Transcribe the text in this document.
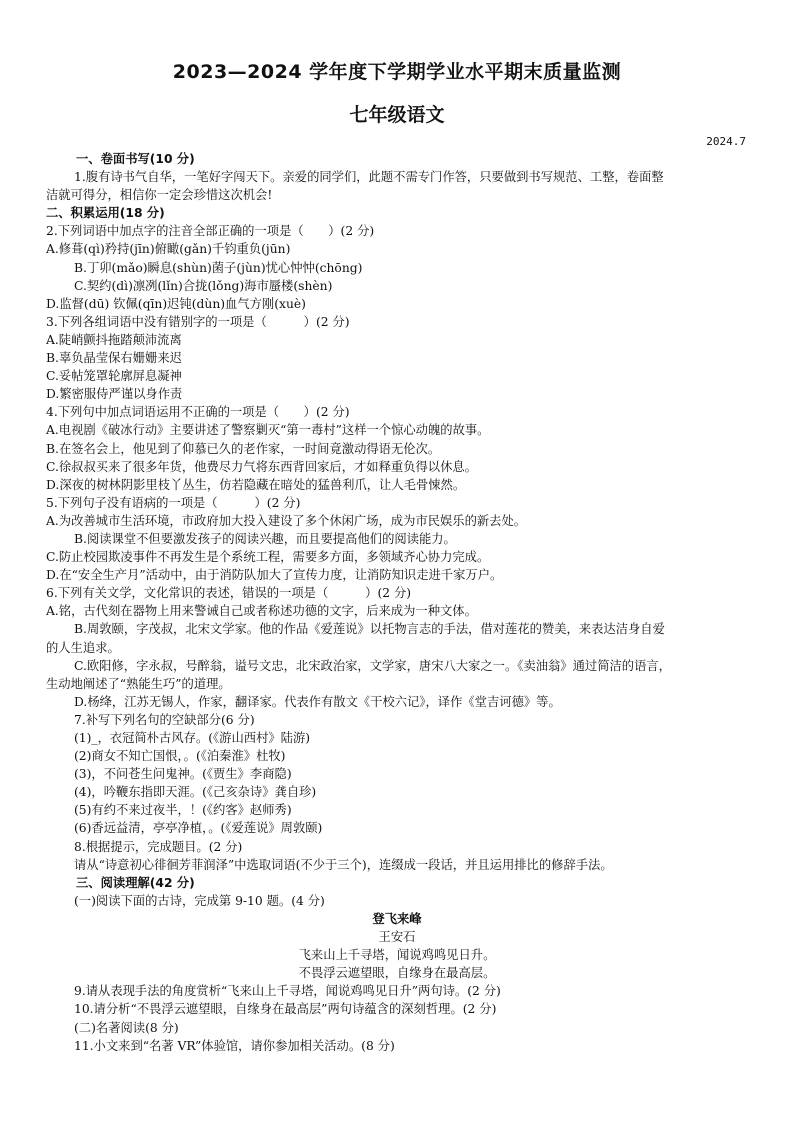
2023—2024 学年度下学期学业水平期末质量监测
七年级语文
2024.7
一、卷面书写(10 分)
1.腹有诗书气自华，一笔好字闯天下。亲爱的同学们，此题不需专门作答，只要做到书写规范、工整，卷面整
洁就可得分，相信你一定会珍惜这次机会!
二、积累运用(18 分)
2.下列词语中加点字的注音全部正确的一项是（　　）(2 分)
A.修葺(qì)矜持(jīn)俯瞰(gǎn)千钧重负(jūn)
B.丁卯(mǎo)瞬息(shùn)菌子(jùn)忧心忡忡(chōng)
C.契约(dì)凛冽(lǐn)合拢(lǒng)海市蜃楼(shèn)
D.监督(dū) 钦佩(qīn)迟钝(dùn)血气方刚(xuè)
3.下列各组词语中没有错别字的一项是（　　　）(2 分)
A.陡峭颤抖拖踏颠沛流离
B.辜负晶莹保右姗姗来迟
C.妥帖笼罩轮廓屏息凝神
D.繁密服侍严谨以身作责
4.下列句中加点词语运用不正确的一项是（　　）(2 分)
A.电视剧《破冰行动》主要讲述了警察剿灭“第一毒村”这样一个惊心动魄的故事。
B.在签名会上，他见到了仰慕已久的老作家，一时间竟激动得语无伦次。
C.徐叔叔买来了很多年货，他费尽力气将东西背回家后，才如释重负得以休息。
D.深夜的树林阴影里枝丫丛生，仿若隐藏在暗处的猛兽利爪，让人毛骨悚然。
5.下列句子没有语病的一项是（　　　）(2 分)
A.为改善城市生活环境，市政府加大投入建设了多个休闲广场，成为市民娱乐的新去处。
B.阅读课堂不但要激发孩子的阅读兴趣，而且要提高他们的阅读能力。
C.防止校园欺凌事件不再发生是个系统工程，需要多方面，多领域齐心协力完成。
D.在“安全生产月”活动中，由于消防队加大了宣传力度，让消防知识走进千家万户。
6.下列有关文学，文化常识的表述，错误的一项是（　　　）(2 分)
A.铭，古代刻在器物上用来警诫自己或者称述功德的文字，后来成为一种文体。
B.周敦颐，字茂叔，北宋文学家。他的作品《爱莲说》以托物言志的手法，借对莲花的赞美，来表达洁身自爱
的人生追求。
C.欧阳修，字永叔，号醉翁，谥号文忠，北宋政治家，文学家，唐宋八大家之一。《卖油翁》通过简洁的语言，
生动地阐述了“熟能生巧”的道理。
D.杨绛，江苏无锡人，作家，翻译家。代表作有散文《干校六记》，译作《堂吉诃德》等。
7.补写下列名句的空缺部分(6 分)
(1)_，衣冠简朴古风存。(《游山西村》陆游)
(2)商女不知亡国恨，。(《泊秦淮》杜牧)
(3)，不问苍生问鬼神。(《贾生》李商隐)
(4)，吟鞭东指即天涯。(《己亥杂诗》龚自珍)
(5)有约不来过夜半，！(《约客》赵师秀)
(6)香远益清，亭亭净植，。(《爱莲说》周敦颐)
8.根据提示，完成题目。(2 分)
请从“诗意初心徘徊芳菲润泽”中选取词语(不少于三个)，连缀成一段话，并且运用排比的修辞手法。
三、阅读理解(42 分)
(一)阅读下面的古诗，完成第 9-10 题。(4 分)
登飞来峰
王安石
飞来山上千寻塔，闻说鸡鸣见日升。
不畏浮云遮望眼，自缘身在最高层。
9.请从表现手法的角度赏析“飞来山上千寻塔，闻说鸡鸣见日升”两句诗。(2 分)
10.请分析“不畏浮云遮望眼，自缘身在最高层”两句诗蕴含的深刻哲理。(2 分)
(二)名著阅读(8 分)
11.小文来到“名著 VR”体验馆，请你参加相关活动。(8 分)
